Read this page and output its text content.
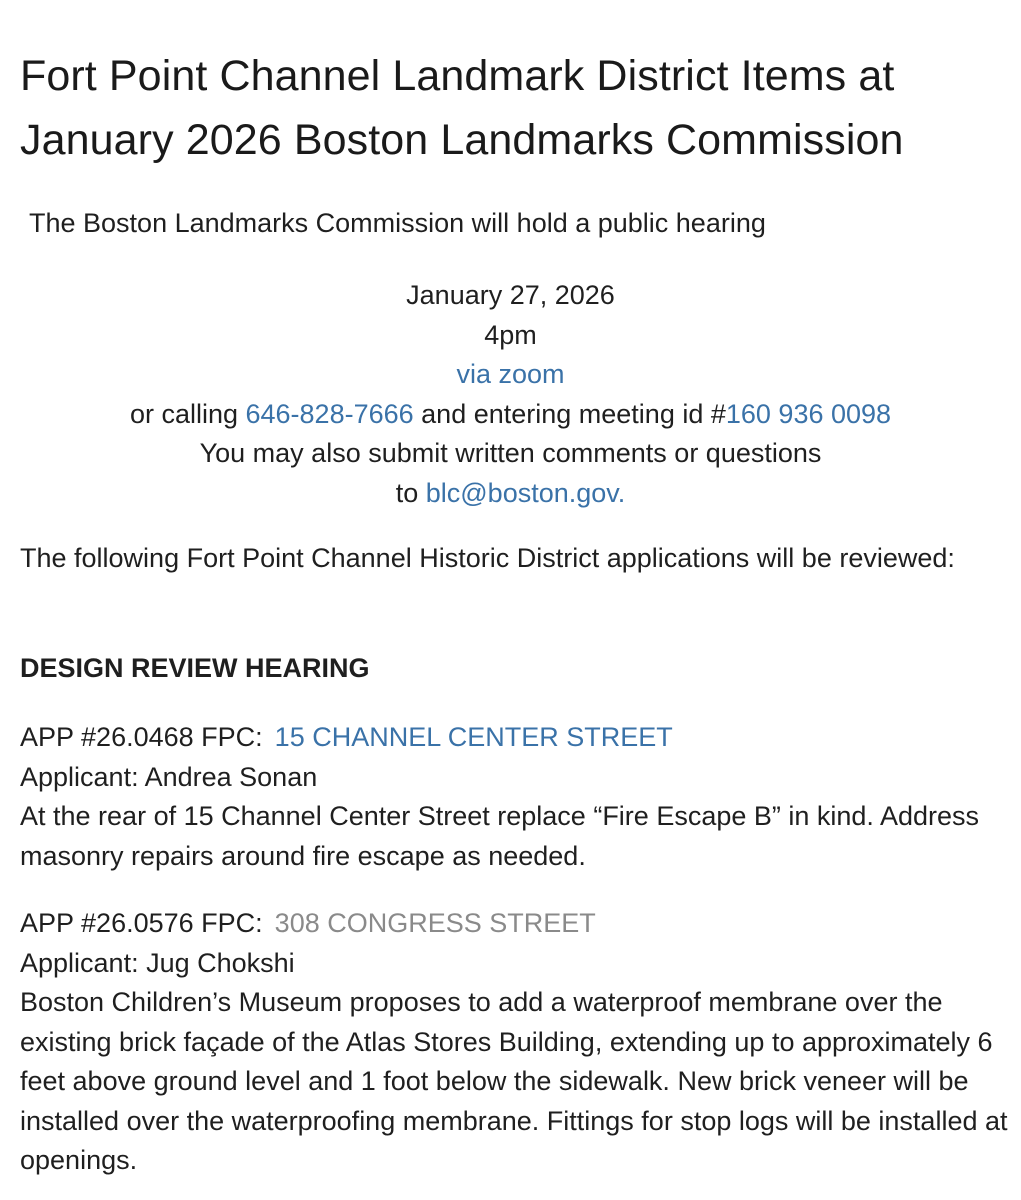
Fort Point Channel Landmark District Items at January 2026 Boston Landmarks Commission

The Boston Landmarks Commission will hold a public hearing

January 27, 2026
4pm
via zoom
or calling 646-828-7666 and entering meeting id #160 936 0098
You may also submit written comments or questions
to blc@boston.gov.

The following Fort Point Channel Historic District applications will be reviewed:

DESIGN REVIEW HEARING
APP #26.0468 FPC: 15 CHANNEL CENTER STREET
Applicant: Andrea Sonan
At the rear of 15 Channel Center Street replace “Fire Escape B” in kind. Address masonry repairs around fire escape as needed.
APP #26.0576 FPC: 308 CONGRESS STREET
Applicant: Jug Chokshi
Boston Children’s Museum proposes to add a waterproof membrane over the existing brick façade of the Atlas Stores Building, extending up to approximately 6 feet above ground level and 1 foot below the sidewalk. New brick veneer will be installed over the waterproofing membrane. Fittings for stop logs will be installed at openings.
